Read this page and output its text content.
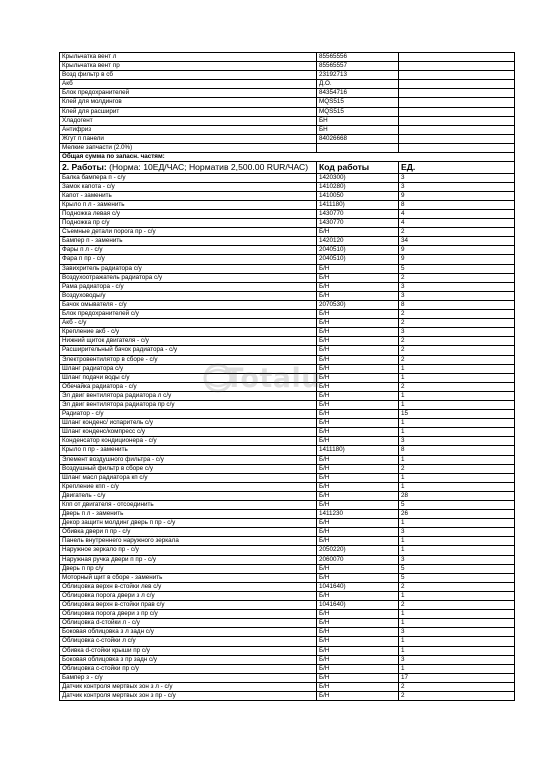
Крыльчатка вент л	85565556	
Крыльчатка вент пр	85565557	
Возд фильтр в сб	23192713	
Акб	Д.О.	
Блок предохранителей	84354716	
Клей для молдингов	MQS515	
Клей для расширит	MQS515	
Хладогент	БН	
Антифриз	БН	
Жгут п панели	84026668	
Мелкие запчасти (2.0%)		
Общая сумма по запасн. частям:		
2. Работы: (Норма: 10ЕД/ЧАС; Норматив 2,500.00 RUR/ЧАС)	Код работы	ЕД.
Балка бампера п - с/у	1420300)	3
Замок капота - с/у	1410280)	3
Капот - заменить	1410050	9
Крыло п л - заменить	1411180)	8
Подножка левая с/у	1430770	4
Подножка пр с/у	1430770	4
Съемные детали порога пр - с/у	Б/Н	2
Бампер п - заменить	1420120	34
Фары п л - с/у	2040510)	9
Фара п пр - с/у	2040510)	9
Завихритель радиатора с/у	Б/Н	5
Воздухоотражатель радиатора с/у	Б/Н	2
Рама радиатора - с/у	Б/Н	3
Воздуховоды/у	Б/Н	3
Бачок омывателя - с/у	2070530)	8
Блок предохранителей с/у	Б/Н	2
Акб - с/у	Б/Н	2
Крепление акб - с/у	Б/Н	3
Нижний щиток двигателя - с/у	Б/Н	2
Расширительный бачок радиатора - с/у	Б/Н	2
Электровентилятор в сборе - с/у	Б/Н	2
Шланг радиатора с/у	Б/Н	1
Шланг подачи воды с/у	Б/Н	1
Обечайка радиатора - с/у	Б/Н	2
Эл двиг вентилятора радиатора л с/у	Б/Н	1
Эл двиг вентилятора радиатора пр с/у	Б/Н	1
Радиатор - с/у	Б/Н	15
Шланг конденс/ испаритель с/у	Б/Н	1
Шланг конденс/компресс с/у	Б/Н	1
Конденсатор кондиционера - с/у	Б/Н	3
Крыло п пр - заменить	1411180)	8
Элемент воздушного фильтра - с/у	Б/Н	1
Воздушный фильтр в сборе с/у	Б/Н	2
Шланг масл радиатора кп с/у	Б/Н	1
Крепление кпп - с/у	Б/Н	1
Двигатель - с/у	Б/Н	28
Кпп от двигателя - отсоединить	Б/Н	5
Дверь п л - заменить	1411230	26
Декор защитн молдинг дверь п пр - с/у	Б/Н	1
Обивка двери п пр - с/у	Б/Н	3
Панель внутреннего наружного зеркала	Б/Н	1
Наружное зеркало пр - с/у	2050220)	1
Наружная ручка двери п пр - с/у	2060070	3
Дверь п пр с/у	Б/Н	5
Моторный щит в сборе - заменить	Б/Н	5
Облицовка верхн в-стойки лев с/у	1041640)	2
Облицовка порога двери з л с/у	Б/Н	1
Облицовка верхн в-стойки прав с/у	1041640)	2
Облицовка порога двери з пр с/у	Б/Н	1
Облицовка d-стойки л - с/у	Б/Н	1
Боковая облицовка з л задн с/у	Б/Н	3
Облицовка c-стойки л с/у	Б/Н	1
Обивка d-стойки крыши пр с/у	Б/Н	1
Боковая облицовка з пр задн с/у	Б/Н	3
Облицовка c-стойки пр с/у	Б/Н	1
Бампер з - с/у	Б/Н	17
Датчик контроля мертвых зон з л - с/у	Б/Н	2
Датчик контроля мертвых зон з пр - с/у	Б/Н	2
Totalu
